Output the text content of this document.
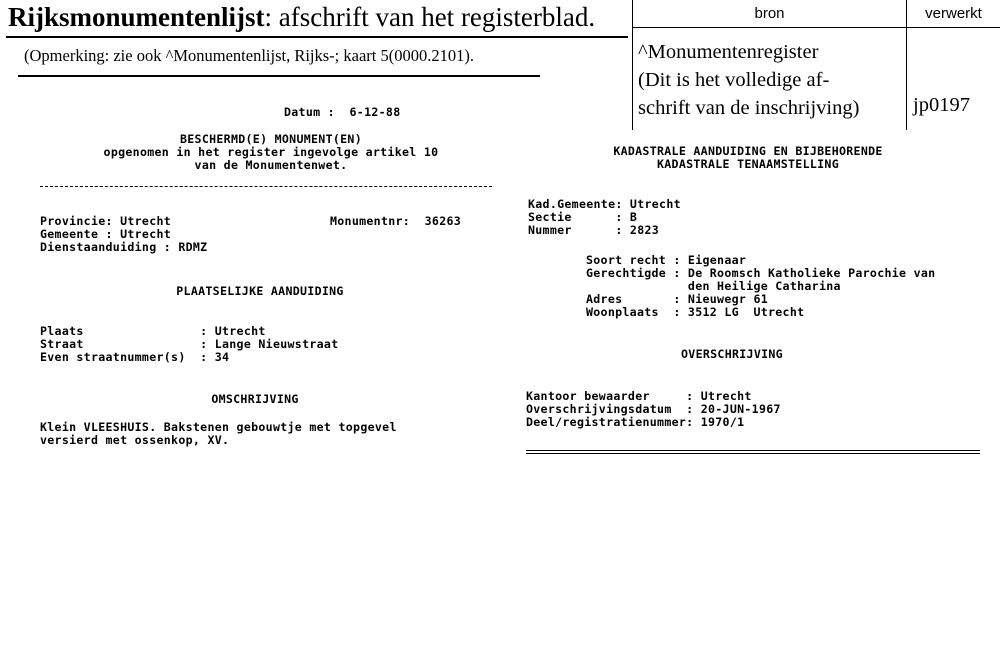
Rijksmonumentenlijst: afschrift van het registerblad.
(Opmerking: zie ook ^Monumentenlijst, Rijks-; kaart 5(0000.2101).
bron	verwerkt
^Monumentenregister
(Dit is het volledige af-
schrift van de inschrijving)	jp0197
Datum :  6-12-88
BESCHERMD(E) MONUMENT(EN)
opgenomen in het register ingevolge artikel 10
van de Monumentenwet.
Provincie: Utrecht
Gemeente : Utrecht
Dienstaanduiding : RDMZ
Monumentnr: 36263
PLAATSELIJKE AANDUIDING
Plaats                : Utrecht
Straat                : Lange Nieuwstraat
Even straatnummer(s)  : 34
OMSCHRIJVING
Klein VLEESHUIS. Bakstenen gebouwtje met topgevel
versierd met ossenkop, XV.
KADASTRALE AANDUIDING EN BIJBEHORENDE
KADASTRALE TENAAMSTELLING
Kad.Gemeente: Utrecht
Sectie      : B
Nummer      : 2823
Soort recht : Eigenaar
Gerechtigde : De Roomsch Katholieke Parochie van
den Heilige Catharina
Adres       : Nieuwegr 61
Woonplaats  : 3512 LG  Utrecht
OVERSCHRIJVING
Kantoor bewaarder     : Utrecht
Overschrijvingsdatum  : 20-JUN-1967
Deel/registratienummer: 1970/1
